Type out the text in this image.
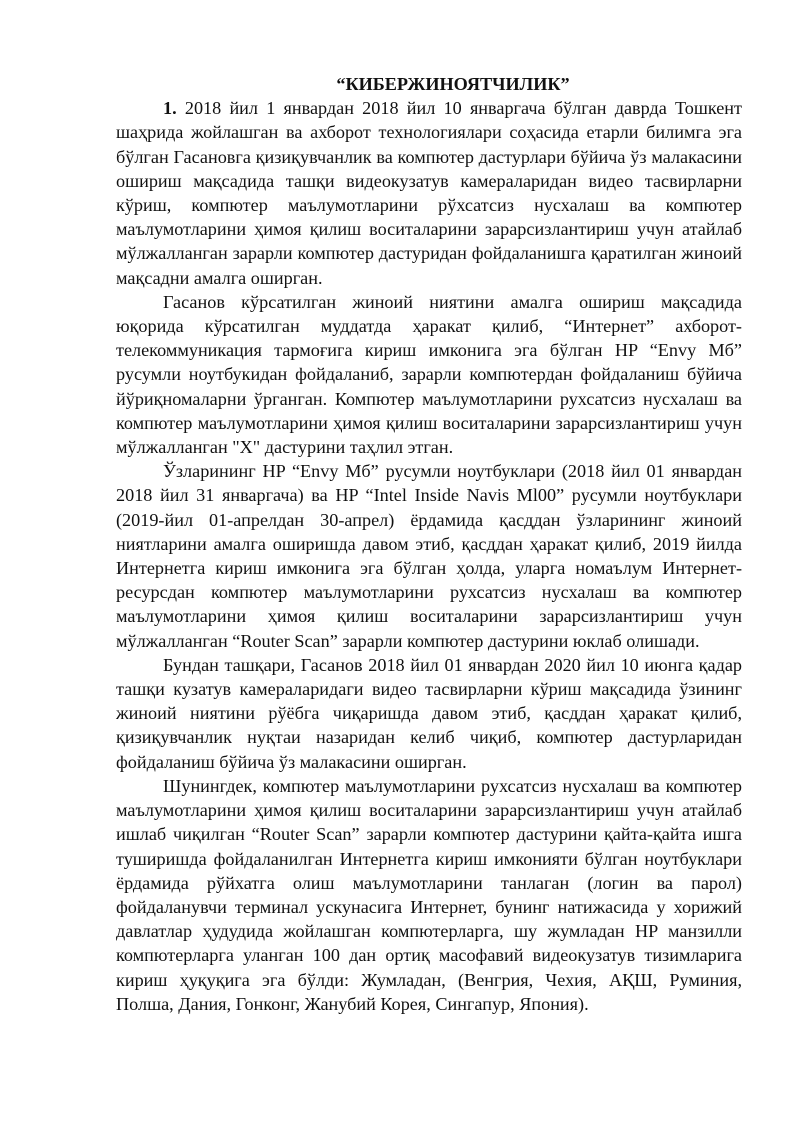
“КИБЕРЖИНОЯТЧИЛИК”

1. 2018 йил 1 январдан 2018 йил 10 январгача бўлган даврда Тошкент шаҳрида жойлашган ва ахборот технологиялари соҳасида етарли билимга эга бўлган Гасановга қизиқувчанлик ва компютер дастурлари бўйича ўз малакасини ошириш мақсадида ташқи видеокузатув камераларидан видео тасвирларни кўриш, компютер маълумотларини рўхсатсиз нусхалаш ва компютер маълумотларини ҳимоя қилиш воситаларини зарарсизлантириш учун атайлаб мўлжалланган зарарли компютер дастуридан фойдаланишга қаратилган жиноий мақсадни амалга оширган.

Гасанов кўрсатилган жиноий ниятини амалга ошириш мақсадида юқорида кўрсатилган муддатда ҳаракат қилиб, “Интернет” ахборот-телекоммуникация тармоғига кириш имконига эга бўлган HP “Envy Мб” русумли ноутбукидан фойдаланиб, зарарли компютердан фойдаланиш бўйича йўриқномаларни ўрганган. Компютер маълумотларини рухсатсиз нусхалаш ва компютер маълумотларини ҳимоя қилиш воситаларини зарарсизлантириш учун мўлжалланган "X" дастурини таҳлил этган.

Ўзларининг HP “Envy Мб” русумли ноутбуклари (2018 йил 01 январдан 2018 йил 31 январгача) ва HP “Intel Inside Navis Ml00” русумли ноутбуклари (2019-йил 01-апрелдан 30-апрел) ёрдамида қасддан ўзларининг жиноий ниятларини амалга оширишда давом этиб, қасддан ҳаракат қилиб, 2019 йилда Интернетга кириш имконига эга бўлган ҳолда, уларга номаълум Интернет-ресурсдан компютер маълумотларини рухсатсиз нусхалаш ва компютер маълумотларини ҳимоя қилиш воситаларини зарарсизлантириш учун мўлжалланган “Router Scan” зарарли компютер дастурини юклаб олишади.

Бундан ташқари, Гасанов 2018 йил 01 январдан 2020 йил 10 июнга қадар ташқи кузатув камераларидаги видео тасвирларни кўриш мақсадида ўзининг жиноий ниятини рўёбга чиқаришда давом этиб, қасддан ҳаракат қилиб, қизиқувчанлик нуқтаи назаридан келиб чиқиб, компютер дастурларидан фойдаланиш бўйича ўз малакасини оширган.

Шунингдек, компютер маълумотларини рухсатсиз нусхалаш ва компютер маълумотларини ҳимоя қилиш воситаларини зарарсизлантириш учун атайлаб ишлаб чиқилган “Router Scan” зарарли компютер дастурини қайта-қайта ишга туширишда фойдаланилган Интернетга кириш имконияти бўлган ноутбуклари ёрдамида рўйхатга олиш маълумотларини танлаган (логин ва парол) фойдаланувчи терминал ускунасига Интернет, бунинг натижасида у хорижий давлатлар ҳудудида жойлашган компютерларга, шу жумладан HP манзилли компютерларга уланган 100 дан ортиқ масофавий видеокузатув тизимларига кириш ҳуқуқига эга бўлди: Жумладан, (Венгрия, Чехия, АҚШ, Руминия, Полша, Дания, Гонконг, Жанубий Корея, Сингапур, Япония).
